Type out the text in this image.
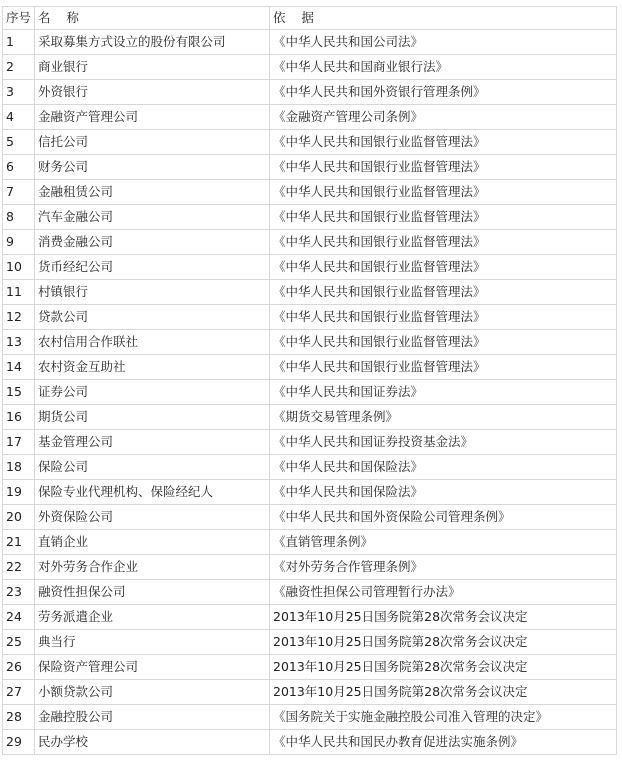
序号	名    称	依    据
1	采取募集方式设立的股份有限公司	《中华人民共和国公司法》
2	商业银行	《中华人民共和国商业银行法》
3	外资银行	《中华人民共和国外资银行管理条例》
4	金融资产管理公司	《金融资产管理公司条例》
5	信托公司	《中华人民共和国银行业监督管理法》
6	财务公司	《中华人民共和国银行业监督管理法》
7	金融租赁公司	《中华人民共和国银行业监督管理法》
8	汽车金融公司	《中华人民共和国银行业监督管理法》
9	消费金融公司	《中华人民共和国银行业监督管理法》
10	货币经纪公司	《中华人民共和国银行业监督管理法》
11	村镇银行	《中华人民共和国银行业监督管理法》
12	贷款公司	《中华人民共和国银行业监督管理法》
13	农村信用合作联社	《中华人民共和国银行业监督管理法》
14	农村资金互助社	《中华人民共和国银行业监督管理法》
15	证券公司	《中华人民共和国证券法》
16	期货公司	《期货交易管理条例》
17	基金管理公司	《中华人民共和国证券投资基金法》
18	保险公司	《中华人民共和国保险法》
19	保险专业代理机构、保险经纪人	《中华人民共和国保险法》
20	外资保险公司	《中华人民共和国外资保险公司管理条例》
21	直销企业	《直销管理条例》
22	对外劳务合作企业	《对外劳务合作管理条例》
23	融资性担保公司	《融资性担保公司管理暂行办法》
24	劳务派遣企业	2013年10月25日国务院第28次常务会议决定
25	典当行	2013年10月25日国务院第28次常务会议决定
26	保险资产管理公司	2013年10月25日国务院第28次常务会议决定
27	小额贷款公司	2013年10月25日国务院第28次常务会议决定
28	金融控股公司	《国务院关于实施金融控股公司准入管理的决定》
29	民办学校	《中华人民共和国民办教育促进法实施条例》
